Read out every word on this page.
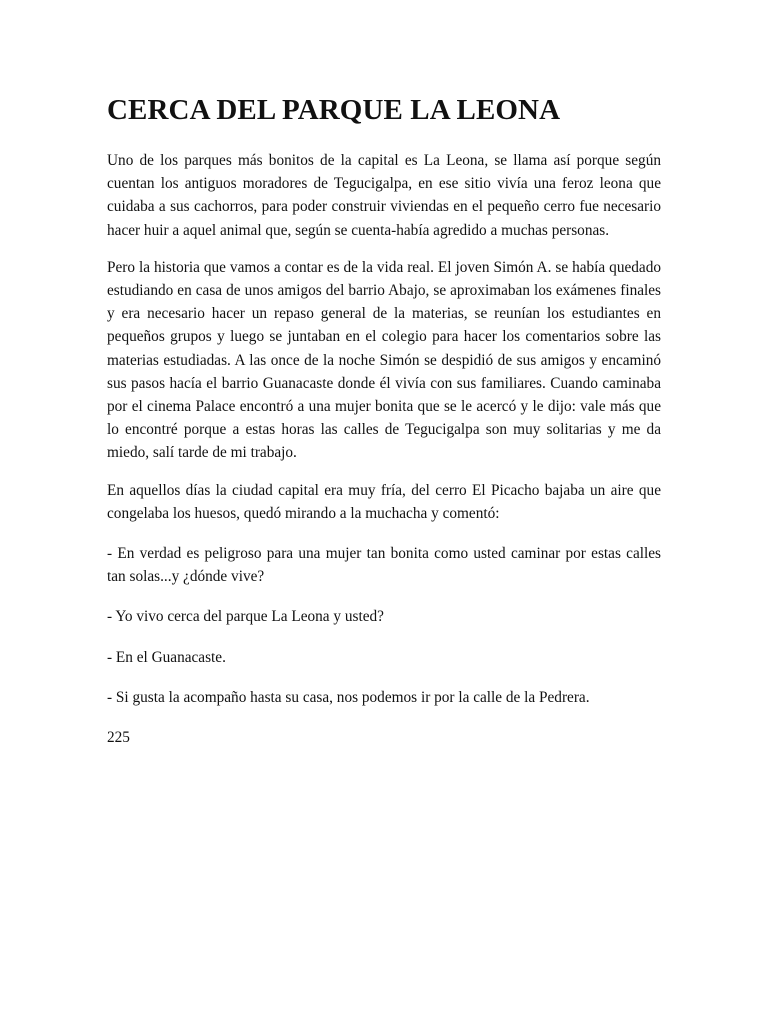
CERCA DEL PARQUE LA LEONA

Uno de los parques más bonitos de la capital es La Leona, se llama así porque según cuentan los antiguos moradores de Tegucigalpa, en ese sitio vivía una feroz leona que cuidaba a sus cachorros, para poder construir viviendas en el pequeño cerro fue necesario hacer huir a aquel animal que, según se cuenta-había agredido a muchas personas.

Pero la historia que vamos a contar es de la vida real. El joven Simón A. se había quedado estudiando en casa de unos amigos del barrio Abajo, se aproximaban los exámenes finales y era necesario hacer un repaso general de la materias, se reunían los estudiantes en pequeños grupos y luego se juntaban en el colegio para hacer los comentarios sobre las materias estudiadas. A las once de la noche Simón se despidió de sus amigos y encaminó sus pasos hacía el barrio Guanacaste donde él vivía con sus familiares. Cuando caminaba por el cinema Palace encontró a una mujer bonita que se le acercó y le dijo: vale más que lo encontré porque a estas horas las calles de Tegucigalpa son muy solitarias y me da miedo, salí tarde de mi trabajo.

En aquellos días la ciudad capital era muy fría, del cerro El Picacho bajaba un aire que congelaba los huesos, quedó mirando a la muchacha y comentó:

- En verdad es peligroso para una mujer tan bonita como usted caminar por estas calles tan solas...y ¿dónde vive?

- Yo vivo cerca del parque La Leona y usted?

- En el Guanacaste.

- Si gusta la acompaño hasta su casa, nos podemos ir por la calle de la Pedrera.

225
